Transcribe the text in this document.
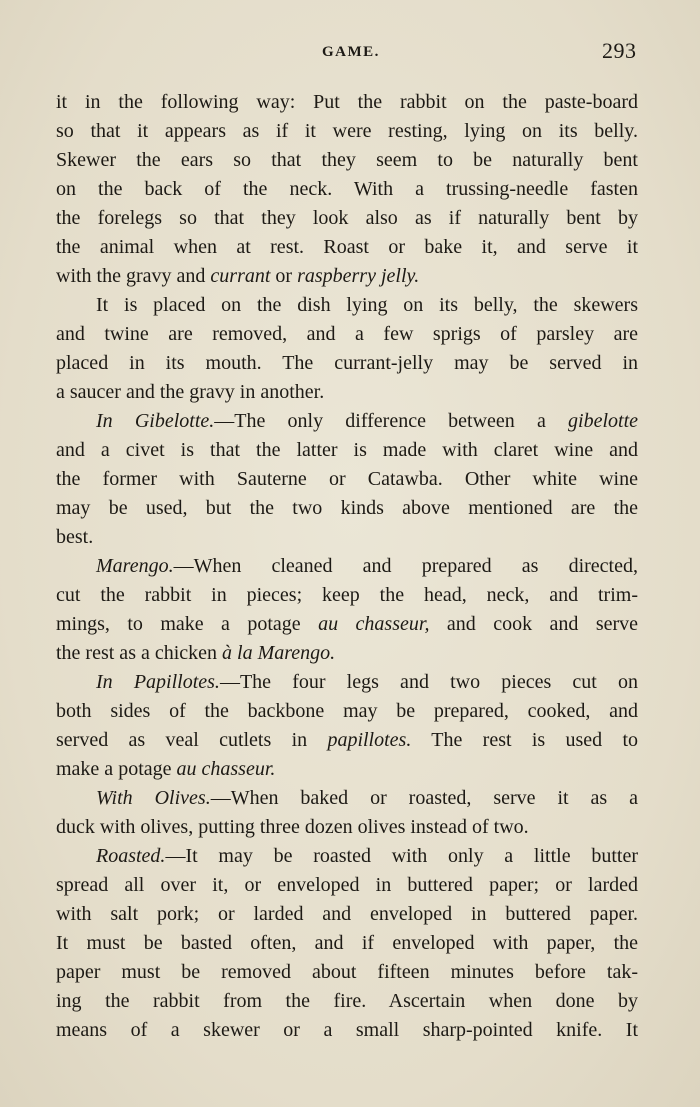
GAME.	293
it in the following way: Put the rabbit on the paste-board
so that it appears as if it were resting, lying on its belly.
Skewer the ears so that they seem to be naturally bent
on the back of the neck. With a trussing-needle fasten
the forelegs so that they look also as if naturally bent by
the animal when at rest. Roast or bake it, and serve it
with the gravy and currant or raspberry jelly.
It is placed on the dish lying on its belly, the skewers
and twine are removed, and a few sprigs of parsley are
placed in its mouth. The currant-jelly may be served in
a saucer and the gravy in another.
In Gibelotte.—The only difference between a gibelotte
and a civet is that the latter is made with claret wine and
the former with Sauterne or Catawba. Other white wine
may be used, but the two kinds above mentioned are the
best.
Marengo.—When cleaned and prepared as directed,
cut the rabbit in pieces; keep the head, neck, and trim-
mings, to make a potage au chasseur, and cook and serve
the rest as a chicken à la Marengo.
In Papillotes.—The four legs and two pieces cut on
both sides of the backbone may be prepared, cooked, and
served as veal cutlets in papillotes. The rest is used to
make a potage au chasseur.
With Olives.—When baked or roasted, serve it as a
duck with olives, putting three dozen olives instead of two.
Roasted.—It may be roasted with only a little butter
spread all over it, or enveloped in buttered paper; or larded
with salt pork; or larded and enveloped in buttered paper.
It must be basted often, and if enveloped with paper, the
paper must be removed about fifteen minutes before tak-
ing the rabbit from the fire. Ascertain when done by
means of a skewer or a small sharp-pointed knife. It
